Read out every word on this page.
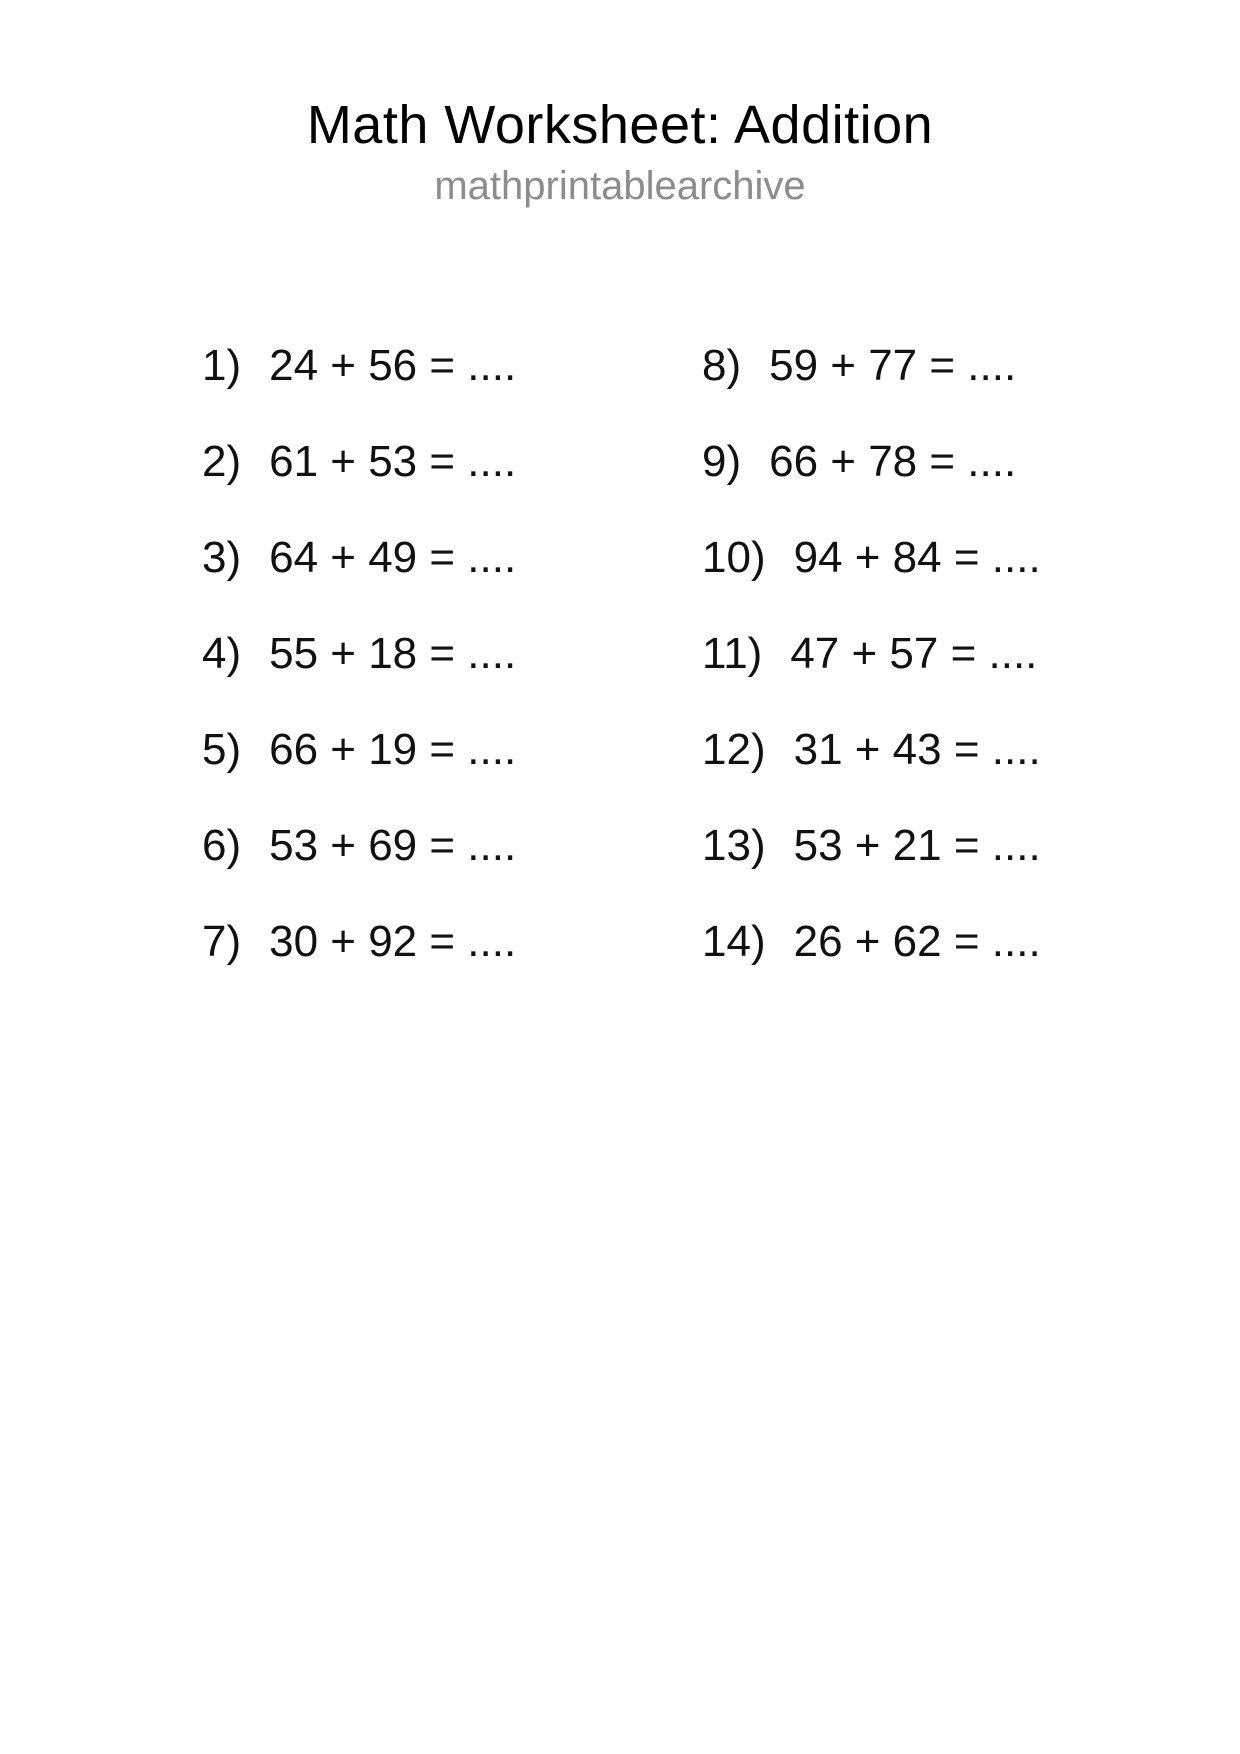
Math Worksheet: Addition
mathprintablearchive
1) 24 + 56 = ....
2) 61 + 53 = ....
3) 64 + 49 = ....
4) 55 + 18 = ....
5) 66 + 19 = ....
6) 53 + 69 = ....
7) 30 + 92 = ....
8) 59 + 77 = ....
9) 66 + 78 = ....
10) 94 + 84 = ....
11) 47 + 57 = ....
12) 31 + 43 = ....
13) 53 + 21 = ....
14) 26 + 62 = ....
